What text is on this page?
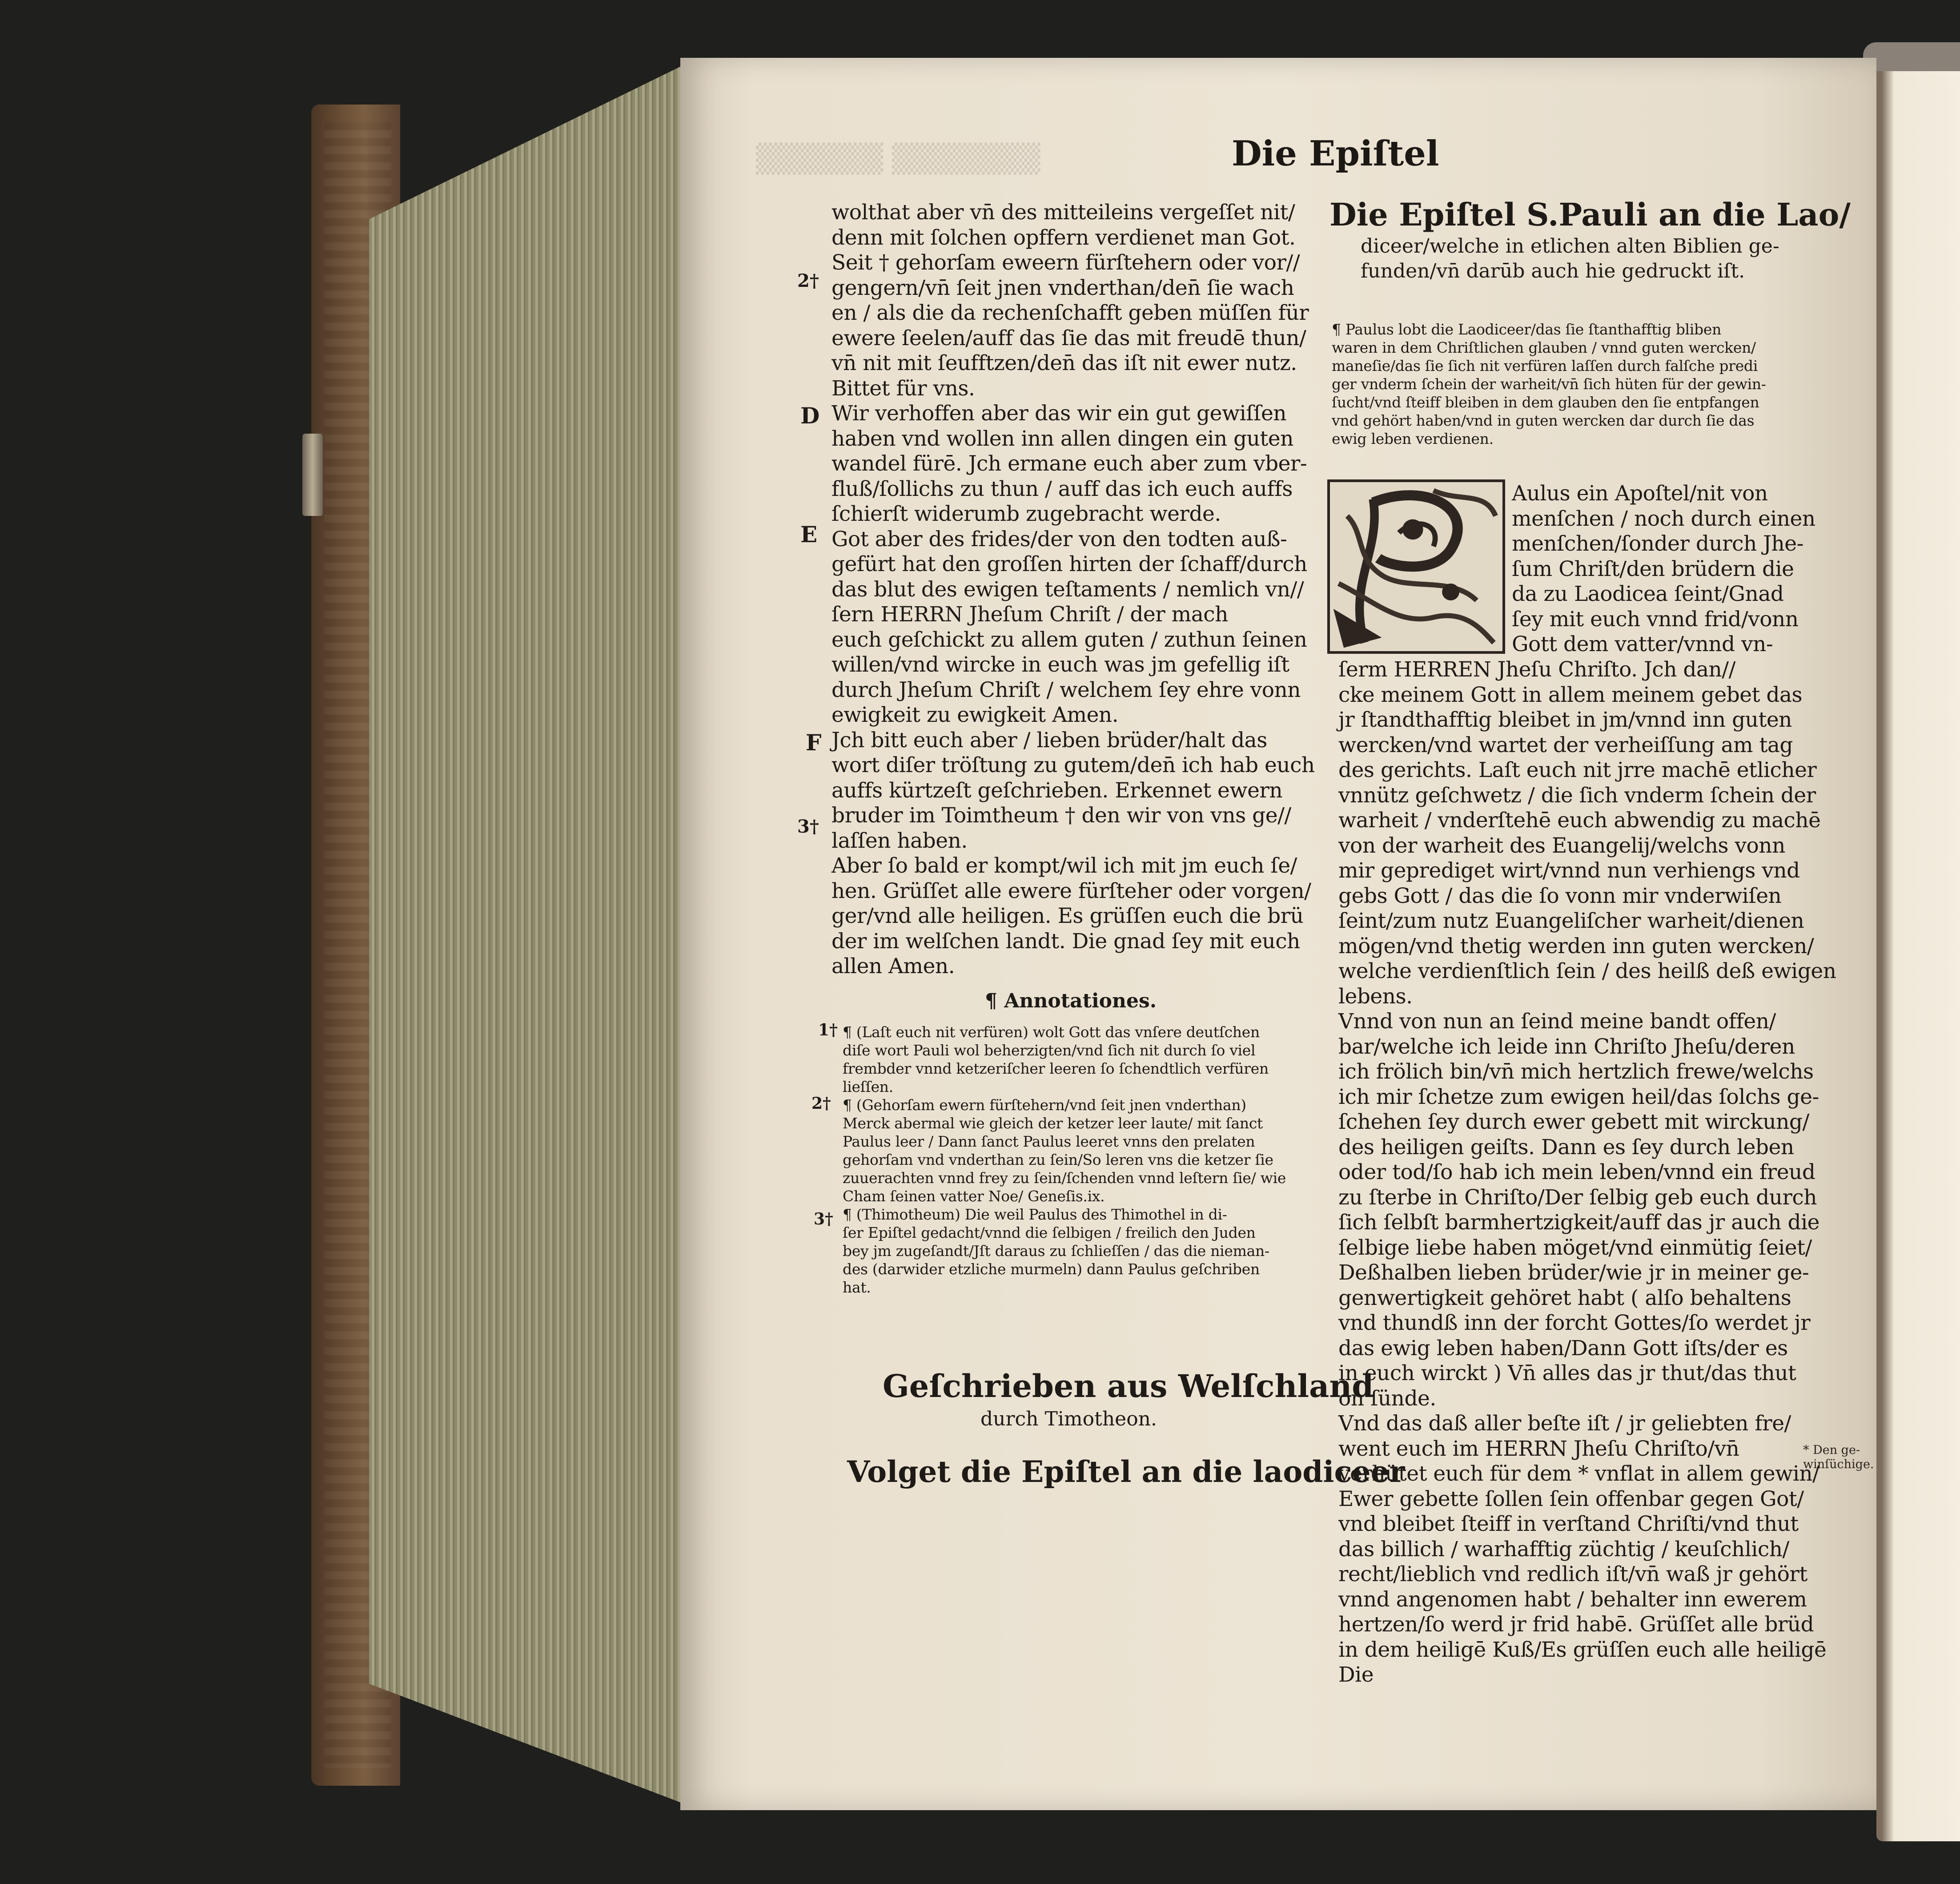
▒▒▒▒▒▒▒ ▒▒▒▒▒▒	Die Epiſtel

wolthat aber vn̄ des mitteileins vergeſſet nit/

denn mit ſolchen opffern verdienet man Got.

Seit † gehorſam eweern fürſtehern oder vor//

gengern/vn̄ ſeit jnen vnderthan/den̄ ſie wach

en / als die da rechenſchafft geben müſſen für

ewere ſeelen/auff das ſie das mit freudē thun/

vn̄ nit mit ſeufftzen/den̄ das iſt nit ewer nutz.

Bittet für vns.

Wir verhoffen aber das wir ein gut gewiſſen

haben vnd wollen inn allen dingen ein guten

wandel fürē. Jch ermane euch aber zum vber-

fluß/ſollichs zu thun / auff das ich euch auffs

ſchierſt widerumb zugebracht werde.

Got aber des frides/der von den todten auß-

gefürt hat den groſſen hirten der ſchaff/durch

das blut des ewigen teſtaments / nemlich vn//

ſern HERRN Jheſum Chriſt / der mach

euch geſchickt zu allem guten / zuthun ſeinen

willen/vnd wircke in euch was jm gefellig iſt

durch Jheſum Chriſt / welchem ſey ehre vonn

ewigkeit zu ewigkeit Amen.

Jch bitt euch aber / lieben brüder/halt das

wort diſer tröſtung zu gutem/den̄ ich hab euch

auffs kürtzeſt geſchrieben. Erkennet ewern

bruder im Toimtheum † den wir von vns ge//

laſſen haben.

Aber ſo bald er kompt/wil ich mit jm euch ſe/

hen. Grüſſet alle ewere fürſteher oder vorgen/

ger/vnd alle heiligen. Es grüſſen euch die brü

der im welſchen landt. Die gnad ſey mit euch

allen Amen.

2†
D
E
F
3†
¶ Annotationes.

¶ (Laſt euch nit verfüren) wolt Gott das vnſere deutſchen

diſe wort Pauli wol beherzigten/vnd ſich nit durch ſo viel

frembder vnnd ketzeriſcher leeren ſo ſchendtlich verfüren

lieſſen.

¶ (Gehorſam ewern fürſtehern/vnd ſeit jnen vnderthan)

Merck abermal wie gleich der ketzer leer laute/ mit ſanct

Paulus leer / Dann ſanct Paulus leeret vnns den prelaten

gehorſam vnd vnderthan zu ſein/So leren vns die ketzer ſie

zuuerachten vnnd frey zu ſein/ſchenden vnnd leſtern ſie/ wie

Cham ſeinen vatter Noe/ Geneſis.ix.

¶ (Thimotheum) Die weil Paulus des Thimothel in di-

ſer Epiſtel gedacht/vnnd die ſelbigen / freilich den Juden

bey jm zugeſandt/Jſt daraus zu ſchlieſſen / das die nieman-

des (darwider etzliche murmeln) dann Paulus geſchriben

hat.

1†
2†
3†
Geſchrieben aus Welſchland
durch Timotheon.
Volget die Epiſtel an die laodiceer

Die Epiſtel S.Pauli an die Lao/

diceer/welche in etlichen alten Biblien ge-

funden/vn̄ darūb auch hie gedruckt iſt.

¶ Paulus lobt die Laodiceer/das ſie ſtanthafftig bliben

waren in dem Chriſtlichen glauben / vnnd guten wercken/

maneſie/das ſie ſich nit verfüren laſſen durch falſche predi

ger vnderm ſchein der warheit/vn̄ ſich hüten für der gewin-

ſucht/vnd ſteiff bleiben in dem glauben den ſie entpfangen

vnd gehört haben/vnd in guten wercken dar durch ſie das

ewig leben verdienen.

Aulus ein Apoſtel/nit von

menſchen / noch durch einen

menſchen/ſonder durch Jhe-

ſum Chriſt/den brüdern die

da zu Laodicea ſeint/Gnad

ſey mit euch vnnd frid/vonn

Gott dem vatter/vnnd vn-

ſerm HERREN Jheſu Chriſto. Jch dan//

cke meinem Gott in allem meinem gebet das

jr ſtandthafftig bleibet in jm/vnnd inn guten

wercken/vnd wartet der verheiſſung am tag

des gerichts. Laſt euch nit jrre machē etlicher

vnnütz geſchwetz / die ſich vnderm ſchein der

warheit / vnderſtehē euch abwendig zu machē

von der warheit des Euangelij/welchs vonn

mir geprediget wirt/vnnd nun verhiengs vnd

gebs Gott / das die ſo vonn mir vnderwiſen

ſeint/zum nutz Euangeliſcher warheit/dienen

mögen/vnd thetig werden inn guten wercken/

welche verdienſtlich ſein / des heilß deß ewigen

lebens.

Vnnd von nun an ſeind meine bandt offen/

bar/welche ich leide inn Chriſto Jheſu/deren

ich frölich bin/vn̄ mich hertzlich frewe/welchs

ich mir ſchetze zum ewigen heil/das ſolchs ge-

ſchehen ſey durch ewer gebett mit wirckung/

des heiligen geiſts. Dann es ſey durch leben

oder tod/ſo hab ich mein leben/vnnd ein freud

zu ſterbe in Chriſto/Der ſelbig geb euch durch

ſich ſelbſt barmhertzigkeit/auff das jr auch die

ſelbige liebe haben möget/vnd einmütig ſeiet/

Deßhalben lieben brüder/wie jr in meiner ge-

genwertigkeit gehöret habt ( alſo behaltens

vnd thundß inn der forcht Gottes/ſo werdet jr

das ewig leben haben/Dann Gott iſts/der es

in euch wirckt ) Vn̄ alles das jr thut/das thut

on ſünde.

Vnd das daß aller beſte iſt / jr geliebten fre/

went euch im HERRN Jheſu Chriſto/vn̄

verhütet euch für dem * vnflat in allem gewin/

Ewer gebette ſollen ſein offenbar gegen Got/

vnd bleibet ſteiff in verſtand Chriſti/vnd thut

das billich / warhafftig züchtig / keuſchlich/

recht/lieblich vnd redlich iſt/vn̄ waß jr gehört

vnnd angenomen habt / behalter inn ewerem

hertzen/ſo werd jr frid habē. Grüſſet alle brüd

in dem heiligē Kuß/Es grüſſen euch alle heiligē

Die

* Den ge-
winſüchige.
